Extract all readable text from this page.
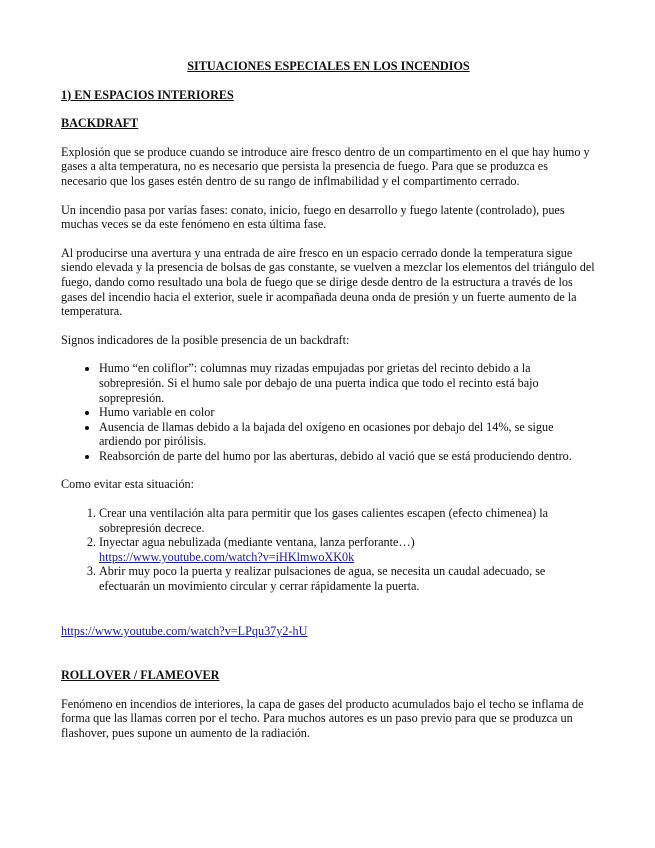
SITUACIONES ESPECIALES EN LOS INCENDIOS
1) EN ESPACIOS INTERIORES
BACKDRAFT

Explosión que se produce cuando se introduce aire fresco dentro de un compartimento en el que hay humo y gases a alta temperatura, no es necesario que persista la presencia de fuego. Para que se produzca es necesario que los gases estén dentro de su rango de inflmabilidad y el compartimento cerrado.

Un incendio pasa por varías fases: conato, inicio, fuego en desarrollo y fuego latente (controlado), pues muchas veces se da este fenómeno en esta última fase.

Al producirse una avertura y una entrada de aire fresco en un espacio cerrado donde la temperatura sigue siendo elevada y la presencia de bolsas de gas constante, se vuelven a mezclar los elementos del triángulo del fuego, dando como resultado una bola de fuego que se dirige desde dentro de la estructura a través de los gases del incendio hacia el exterior, suele ir acompañada deuna onda de presión y un fuerte aumento de la temperatura.

Signos indicadores de la posible presencia de un backdraft:

• Humo “en coliflor”: columnas muy rizadas empujadas por grietas del recinto debido a la sobrepresión. Si el humo sale por debajo de una puerta indica que todo el recinto está bajo soprepresión.
• Humo variable en color
• Ausencia de llamas debido a la bajada del oxígeno en ocasiones por debajo del 14%, se sigue ardiendo por pirólisis.
• Reabsorción de parte del humo por las aberturas, debido al vació que se está produciendo dentro.

Como evitar esta situación:

1. Crear una ventilación alta para permitir que los gases calientes escapen (efecto chimenea) la sobrepresión decrece.
2. Inyectar agua nebulizada (mediante ventana, lanza perforante…)
https://www.youtube.com/watch?v=iHKlmwoXK0k
3. Abrir muy poco la puerta y realizar pulsaciones de agua, se necesita un caudal adecuado, se efectuarán un movimiento circular y cerrar rápidamente la puerta.

https://www.youtube.com/watch?v=LPqu37y2-hU

ROLLOVER / FLAMEOVER

Fenómeno en incendios de interiores, la capa de gases del producto acumulados bajo el techo se inflama de forma que las llamas corren por el techo. Para muchos autores es un paso previo para que se produzca un flashover, pues supone un aumento de la radiación.
